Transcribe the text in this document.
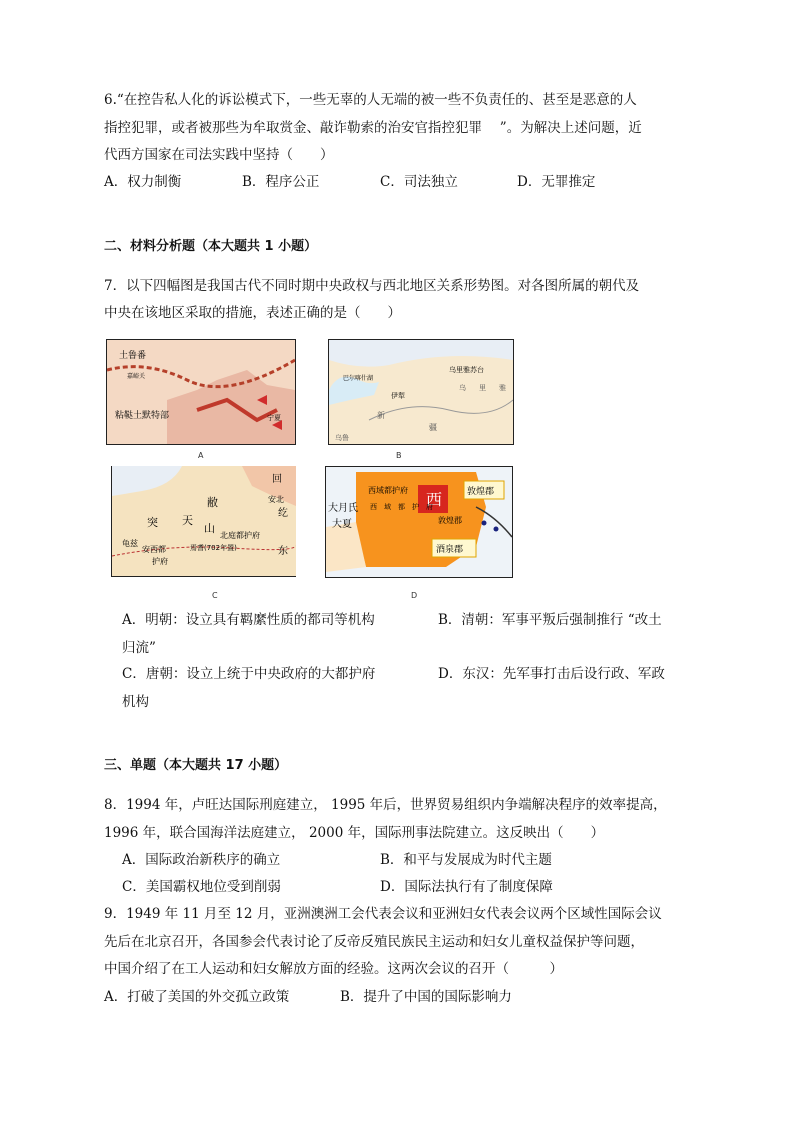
6.“在控告私人化的诉讼模式下，一些无辜的人无端的被一些不负责任的、甚至是恶意的人
指控犯罪，或者被那些为牟取赏金、敲诈勒索的治安官指控犯罪　 ”。为解决上述问题，近
代西方国家在司法实践中坚持（　　）
A．权力制衡	B．程序公正	C．司法独立	D．无罪推定
二、材料分析题（本大题共 1 小题）
7．以下四幅图是我国古代不同时期中央政权与西北地区关系形势图。对各图所属的朝代及
中央在该地区采取的措施，表述正确的是（　　）
土鲁番
嘉峪关
粘鞑土默特部	宁夏
A
巴尔喀什湖
乌里雅苏台
伊犁
新
疆
乌 里 雅
乌鲁
B
回
安北
纥
敝
突 天
山
北庭都护府
龟兹
安西都
护府
焉耆(702年置)	东
C
西
西域都护府
大月氏
大夏
西　域　都　护　府
敦煌郡
敦煌郡
酒泉郡
D
A．明朝：设立具有羁縻性质的都司等机构	B．清朝：军事平叛后强制推行 “改土
归流”
C．唐朝：设立上统于中央政府的大都护府	D．东汉：先军事打击后设行政、军政
机构
三、单题（本大题共 17 小题）
8．1994 年，卢旺达国际刑庭建立， 1995 年后，世界贸易组织内争端解决程序的效率提高，
1996 年，联合国海洋法庭建立， 2000 年，国际刑事法院建立。这反映出（　　）
A．国际政治新秩序的确立	B．和平与发展成为时代主题
C．美国霸权地位受到削弱	D．国际法执行有了制度保障
9．1949 年 11 月至 12 月，亚洲澳洲工会代表会议和亚洲妇女代表会议两个区域性国际会议
先后在北京召开，各国参会代表讨论了反帝反殖民族民主运动和妇女儿童权益保护等问题，
中国介绍了在工人运动和妇女解放方面的经验。这两次会议的召开（　　　）
A．打破了美国的外交孤立政策	B．提升了中国的国际影响力
